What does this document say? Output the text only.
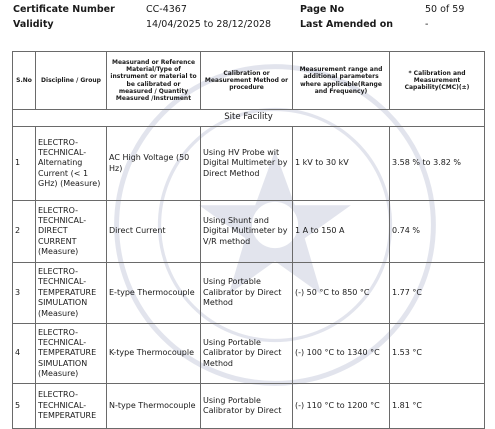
Certificate Number	CC-4367	Page No	50 of 59
Validity	14/04/2025 to 28/12/2028	Last Amended on	-
S.No	Discipline / Group	Measurand or Reference Material/Type of instrument or material to be calibrated or measured / Quantity Measured /Instrument	Calibration or Measurement Method or procedure	Measurement range and additional parameters where applicable(Range and Frequency)	* Calibration and Measurement Capability(CMC)(±)
Site Facility					
1	ELECTRO-TECHNICAL-Alternating Current (< 1 GHz) (Measure)	AC High Voltage (50 Hz)	Using HV Probe wit Digital Multimeter by Direct Method	1 kV to 30 kV	3.58 % to 3.82 %
2	ELECTRO-TECHNICAL-DIRECT CURRENT (Measure)	Direct Current	Using Shunt and Digital Multimeter by V/R method	1 A to 150 A	0.74 %
3	ELECTRO-TECHNICAL-TEMPERATURE SIMULATION (Measure)	E-type Thermocouple	Using Portable Calibrator by Direct Method	(-) 50 °C to 850 °C	1.77 °C
4	ELECTRO-TECHNICAL-TEMPERATURE SIMULATION (Measure)	K-type Thermocouple	Using Portable Calibrator by Direct Method	(-) 100 °C to 1340 °C	1.53 °C
5	ELECTRO-TECHNICAL-TEMPERATURE	N-type Thermocouple	Using Portable Calibrator by Direct	(-) 110 °C to 1200 °C	1.81 °C
